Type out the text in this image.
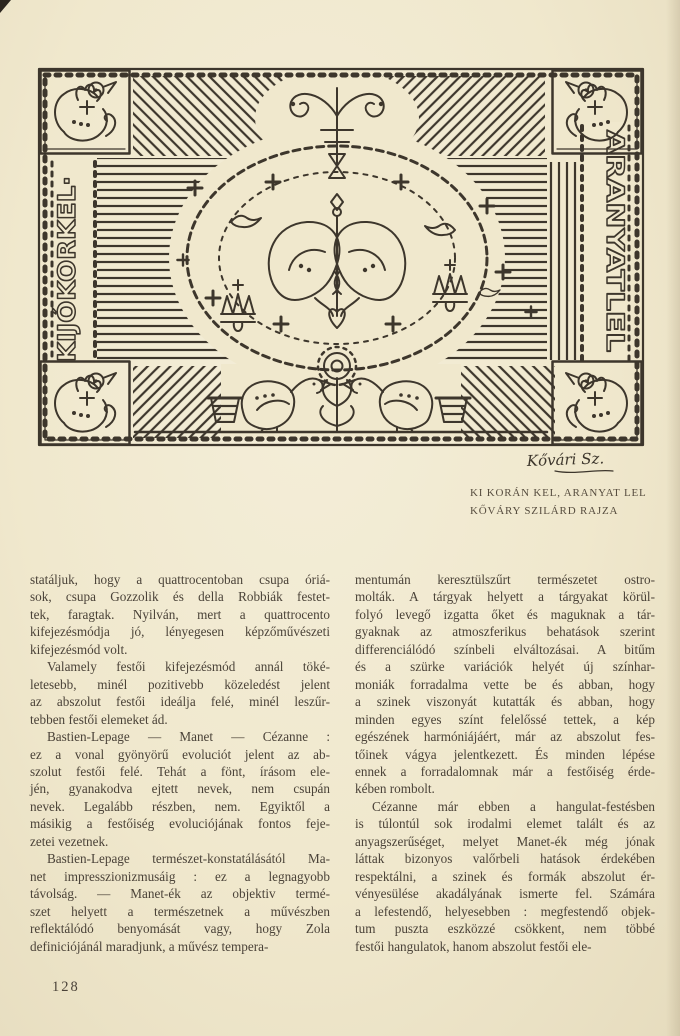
KIJÓKORKEL·	ARANYATLEL
Kővári Sz.
KI KORÁN KEL, ARANYAT LEL
KŐVÁRY SZILÁRD RAJZA
statáljuk, hogy a quattrocentoban csupa óriá-
sok, csupa Gozzolik és della Robbiák festet-
tek, faragtak. Nyilván, mert a quattrocento
kifejezésmódja jó, lényegesen képzőművészeti
kifejezésmód volt.
Valamely festői kifejezésmód annál töké-
letesebb, minél pozitivebb közeledést jelent
az abszolut festői ideálja felé, minél leszűr-
tebben festői elemeket ád.
Bastien-Lepage — Manet — Cézanne :
ez a vonal gyönyörű evoluciót jelent az ab-
szolut festői felé. Tehát a fönt, írásom ele-
jén, gyanakodva ejtett nevek, nem csupán
nevek. Legalább részben, nem. Egyiktől a
másikig a festőiség evoluciójának fontos feje-
zetei vezetnek.
Bastien-Lepage természet-konstatálásától Ma-
net impresszionizmusáig : ez a legnagyobb
távolság. — Manet-ék az objektiv termé-
szet helyett a természetnek a művészben
reflektálódó benyomását vagy, hogy Zola
definiciójánál maradjunk, a művész tempera-
mentumán keresztülszűrt természetet ostro-
molták. A tárgyak helyett a tárgyakat körül-
folyó levegő izgatta őket és maguknak a tár-
gyaknak az atmoszferikus behatások szerint
differenciálódó színbeli elváltozásai. A bitűm
és a szürke variációk helyét új színhar-
moniák forradalma vette be és abban, hogy
a szinek viszonyát kutatták és abban, hogy
minden egyes színt felelőssé tettek, a kép
egészének harmóniájáért, már az abszolut fes-
tőinek vágya jelentkezett. És minden lépése
ennek a forradalomnak már a festőiség érde-
kében rombolt.
Cézanne már ebben a hangulat-festésben
is túlontúl sok irodalmi elemet talált és az
anyagszerűséget, melyet Manet-ék még jónak
láttak bizonyos valőrbeli hatások érdekében
respektálni, a szinek és formák abszolut ér-
vényesülése akadályának ismerte fel. Számára
a lefestendő, helyesebben : megfestendő objek-
tum puszta eszközzé csökkent, nem többé
festői hangulatok, hanom abszolut festői ele-
128
